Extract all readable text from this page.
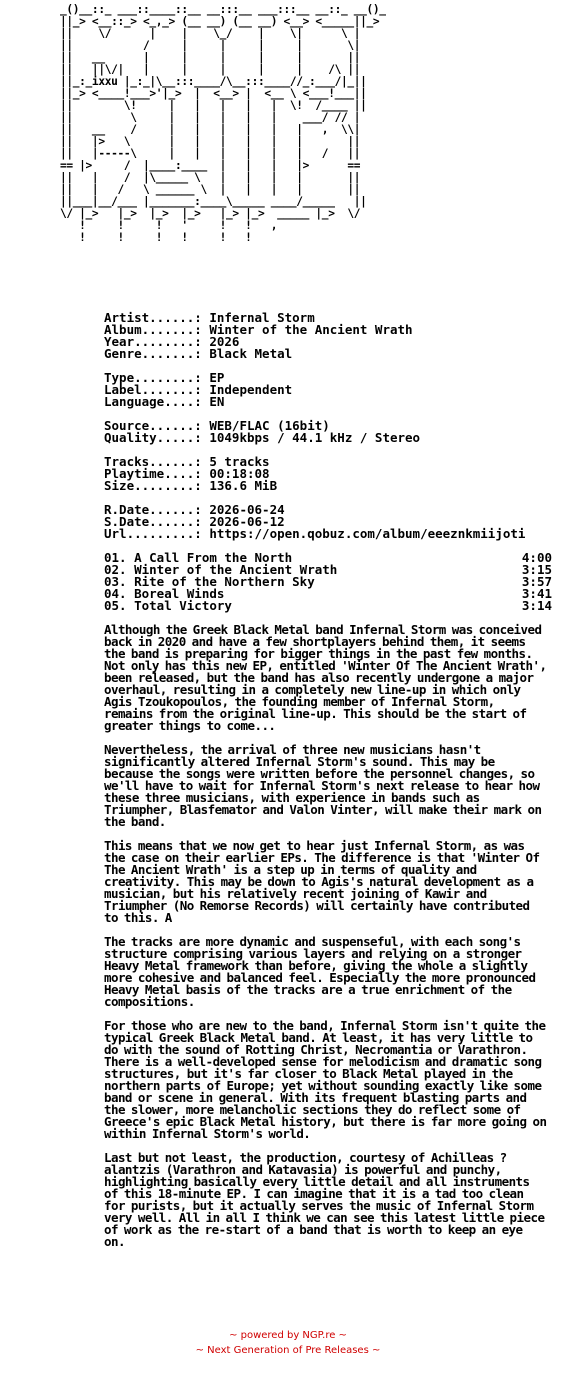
_()__::_ ___::____::__ __:::__ ___:::__ __::_ __()_
||_> <__::_> <_,_> (__ __) (__ __) <__> <_____||_>
||    \/      |    |    \_/    |    \|      \ |
||           /     |     |     |     |       \|
||   __      |     |     |     |     |       ||
||   ||\/|   |     |     |     |     |    /\ ||
||_:_ixxu |_:_|\__:::____/\__:::____//_:___/|_||
||_> <____!___>'|_>  |  <__> |  <__ \ <___!___||
||        \!     |   |   |   |   |  \!  /____ ||
||         \     |   |   |   |   |    ___/ // |
||   __    /     |   |   |   |   |   |   ,  \\|
||   |>   \      |   |   |   |   |   |       ||
||   |-----\     |   |   |   |   |   |   /   ||
== |>     /  |____:____  |   |   |   |>      ==
||   |    /  |\_____ \   |   |   |   |       ||
||   |   /   \ ______ \  |   |   |   |       ||
||___|__/___ |_______:____\_____ ____/_____   ||
\/ |_>   |_>  |_>  |_>   |_> |_>  _____ |_>  \/
!     !     !   '     !   !   ,
!     !     !   !     !   !
Artist......: Infernal Storm
Album.......: Winter of the Ancient Wrath
Year........: 2026
Genre.......: Black Metal
Type........: EP
Label.......: Independent
Language....: EN
Source......: WEB/FLAC (16bit)
Quality.....: 1049kbps / 44.1 kHz / Stereo
Tracks......: 5 tracks
Playtime....: 00:18:08
Size........: 136.6 MiB
R.Date......: 2026-06-24
S.Date......: 2026-06-12
Url.........: https://open.qobuz.com/album/eeeznkmiijoti
01. A Call From the North	4:00
02. Winter of the Ancient Wrath	3:15
03. Rite of the Northern Sky	3:57
04. Boreal Winds	3:41
05. Total Victory	3:14

Although the Greek Black Metal band Infernal Storm was conceived back in 2020 and have a few shortplayers behind them, it seems the band is preparing for bigger things in the past few months. Not only has this new EP, entitled 'Winter Of The Ancient Wrath', been released, but the band has also recently undergone a major overhaul, resulting in a completely new line-up in which only Agis Tzoukopoulos, the founding member of Infernal Storm, remains from the original line-up. This should be the start of greater things to come...

Nevertheless, the arrival of three new musicians hasn't significantly altered Infernal Storm's sound. This may be because the songs were written before the personnel changes, so we'll have to wait for Infernal Storm's next release to hear how these three musicians, with experience in bands such as Triumpher, Blasfemator and Valon Vinter, will make their mark on the band.

This means that we now get to hear just Infernal Storm, as was the case on their earlier EPs. The difference is that 'Winter Of The Ancient Wrath' is a step up in terms of quality and creativity. This may be down to Agis's natural development as a musician, but his relatively recent joining of Kawir and Triumpher (No Remorse Records) will certainly have contributed to this. A

The tracks are more dynamic and suspenseful, with each song's structure comprising various layers and relying on a stronger Heavy Metal framework than before, giving the whole a slightly more cohesive and balanced feel. Especially the more pronounced Heavy Metal basis of the tracks are a true enrichment of the compositions.

For those who are new to the band, Infernal Storm isn't quite the typical Greek Black Metal band. At least, it has very little to do with the sound of Rotting Christ, Necromantia or Varathron. There is a well-developed sense for melodicism and dramatic song structures, but it's far closer to Black Metal played in the northern parts of Europe; yet without sounding exactly like some band or scene in general. With its frequent blasting parts and the slower, more melancholic sections they do reflect some of Greece's epic Black Metal history, but there is far more going on within Infernal Storm's world.

Last but not least, the production, courtesy of Achilleas ?alantzis (Varathron and Katavasia) is powerful and punchy, highlighting basically every little detail and all instruments of this 18-minute EP. I can imagine that it is a tad too clean for purists, but it actually serves the music of Infernal Storm very well. All in all I think we can see this latest little piece of work as the re-start of a band that is worth to keep an eye on.

~ powered by NGP.re ~
~ Next Generation of Pre Releases ~
